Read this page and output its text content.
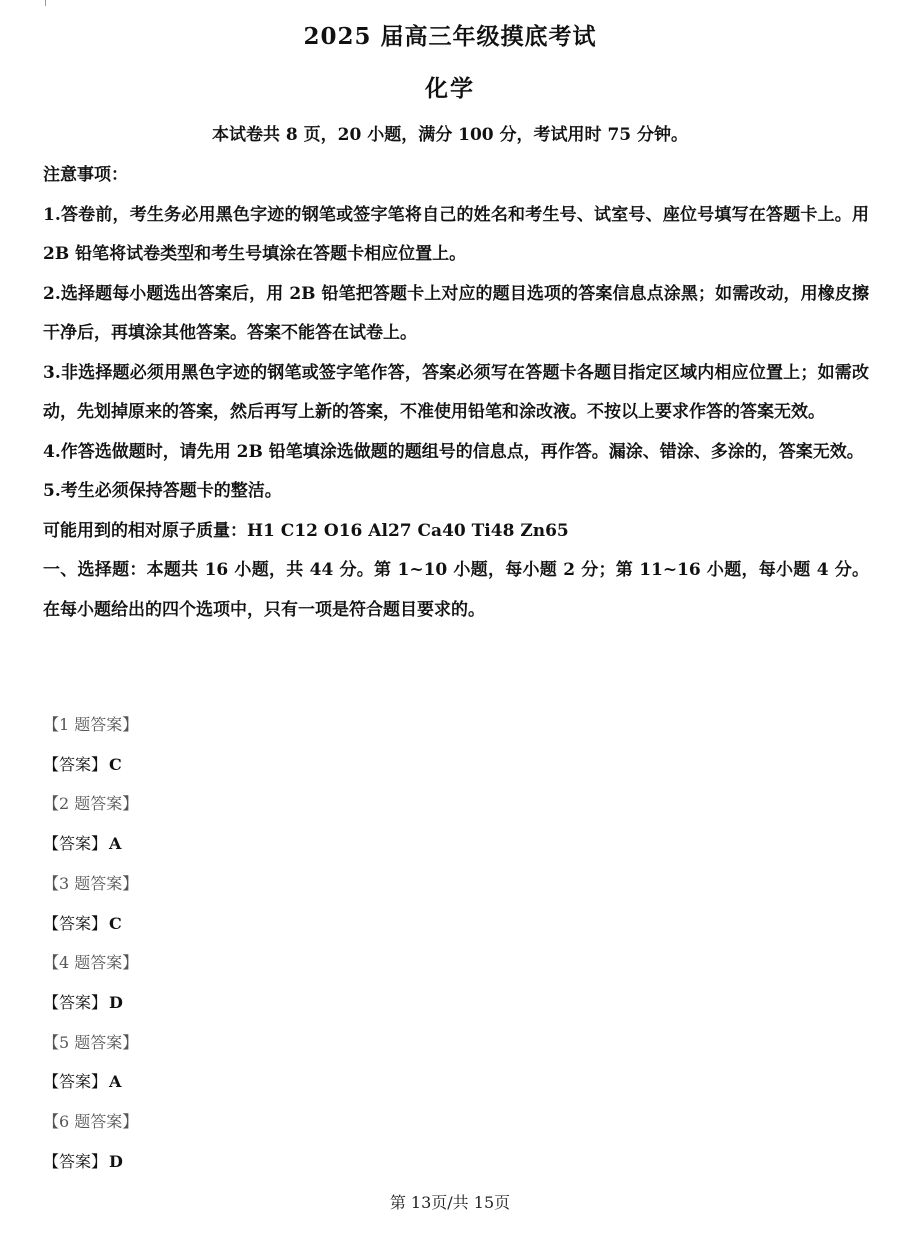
2025 届高三年级摸底考试
化学
本试卷共 8 页，20 小题，满分 100 分，考试用时 75 分钟。

注意事项：

1.答卷前，考生务必用黑色字迹的钢笔或签字笔将自己的姓名和考生号、试室号、座位号填写在答题卡上。用 2B 铅笔将试卷类型和考生号填涂在答题卡相应位置上。

2.选择题每小题选出答案后，用 2B 铅笔把答题卡上对应的题目选项的答案信息点涂黑；如需改动，用橡皮擦干净后，再填涂其他答案。答案不能答在试卷上。

3.非选择题必须用黑色字迹的钢笔或签字笔作答，答案必须写在答题卡各题目指定区域内相应位置上；如需改动，先划掉原来的答案，然后再写上新的答案，不准使用铅笔和涂改液。不按以上要求作答的答案无效。

4.作答选做题时，请先用 2B 铅笔填涂选做题的题组号的信息点，再作答。漏涂、错涂、多涂的，答案无效。

5.考生必须保持答题卡的整洁。

可能用到的相对原子质量：H1 C12 O16 Al27 Ca40 Ti48 Zn65

一、选择题：本题共 16 小题，共 44 分。第 1~10 小题，每小题 2 分；第 11~16 小题，每小题 4 分。在每小题给出的四个选项中，只有一项是符合题目要求的。

【1 题答案】
【答案】 C
【2 题答案】
【答案】 A
【3 题答案】
【答案】 C
【4 题答案】
【答案】 D
【5 题答案】
【答案】 A
【6 题答案】
【答案】 D
第 13页/共 15页
